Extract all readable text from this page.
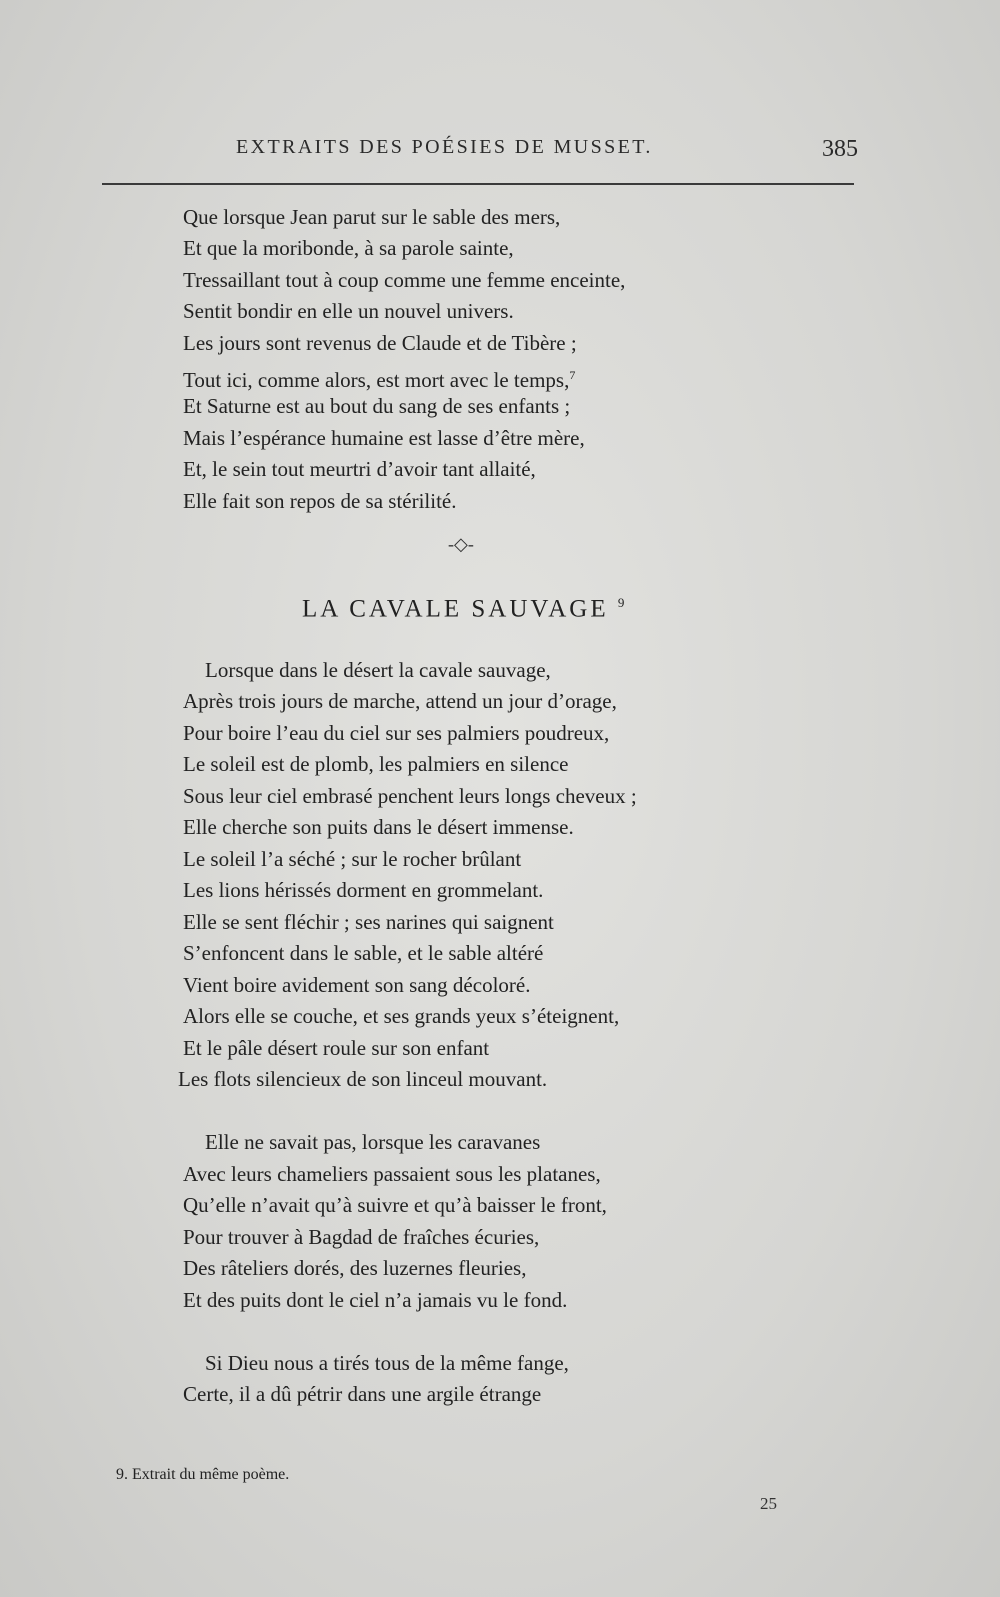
EXTRAITS DES POÉSIES DE MUSSET.	385
Que lorsque Jean parut sur le sable des mers,
Et que la moribonde, à sa parole sainte,
Tressaillant tout à coup comme une femme enceinte,
Sentit bondir en elle un nouvel univers.
Les jours sont revenus de Claude et de Tibère ;
Tout ici, comme alors, est mort avec le temps,$^7$
Et Saturne est au bout du sang de ses enfants ;
Mais l’espérance humaine est lasse d’être mère,
Et, le sein tout meurtri d’avoir tant allaité,
Elle fait son repos de sa stérilité.
-◇-
LA CAVALE SAUVAGE $^9$
Lorsque dans le désert la cavale sauvage,
Après trois jours de marche, attend un jour d’orage,
Pour boire l’eau du ciel sur ses palmiers poudreux,
Le soleil est de plomb, les palmiers en silence
Sous leur ciel embrasé penchent leurs longs cheveux ;
Elle cherche son puits dans le désert immense.
Le soleil l’a séché ; sur le rocher brûlant
Les lions hérissés dorment en grommelant.
Elle se sent fléchir ; ses narines qui saignent
S’enfoncent dans le sable, et le sable altéré
Vient boire avidement son sang décoloré.
Alors elle se couche, et ses grands yeux s’éteignent,
Et le pâle désert roule sur son enfant
Les flots silencieux de son linceul mouvant.
Elle ne savait pas, lorsque les caravanes
Avec leurs chameliers passaient sous les platanes,
Qu’elle n’avait qu’à suivre et qu’à baisser le front,
Pour trouver à Bagdad de fraîches écuries,
Des râteliers dorés, des luzernes fleuries,
Et des puits dont le ciel n’a jamais vu le fond.
Si Dieu nous a tirés tous de la même fange,
Certe, il a dû pétrir dans une argile étrange
9. Extrait du même poème.
25
